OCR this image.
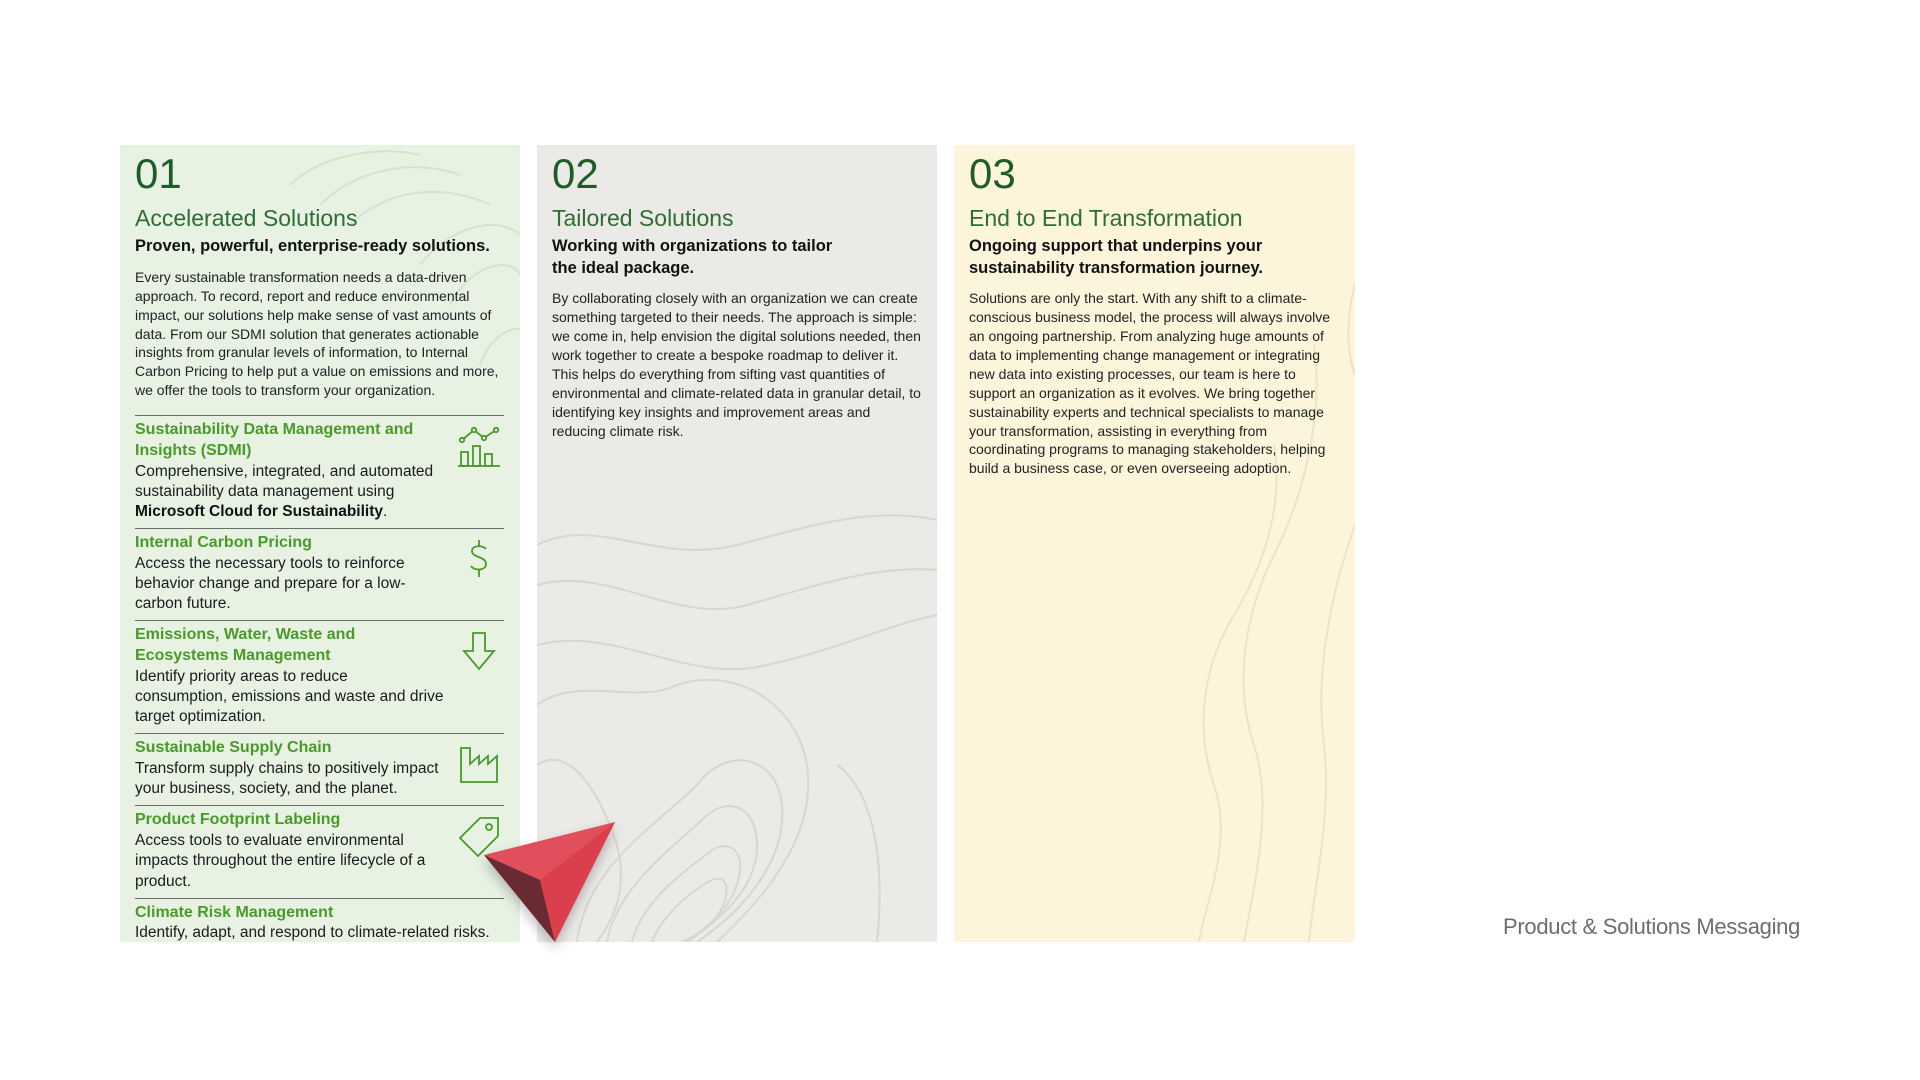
01
Accelerated Solutions

Proven, powerful, enterprise-ready solutions.

Every sustainable transformation needs a data-driven approach. To record, report and reduce environmental impact, our solutions help make sense of vast amounts of data. From our SDMI solution that generates actionable insights from granular levels of information, to Internal Carbon Pricing to help put a value on emissions and more, we offer the tools to transform your organization.

Sustainability Data Management and Insights (SDMI)
Comprehensive, integrated, and automated sustainability data management using Microsoft Cloud for Sustainability.
Internal Carbon Pricing
Access the necessary tools to reinforce behavior change and prepare for a low-carbon future.
Emissions, Water, Waste and Ecosystems Management
Identify priority areas to reduce consumption, emissions and waste and drive target optimization.
Sustainable Supply Chain
Transform supply chains to positively impact your business, society, and the planet.
Product Footprint Labeling
Access tools to evaluate environmental impacts throughout the entire lifecycle of a product.
Climate Risk Management
Identify, adapt, and respond to climate-related risks.
02
Tailored Solutions

Working with organizations to tailor the ideal package.

By collaborating closely with an organization we can create something targeted to their needs. The approach is simple: we come in, help envision the digital solutions needed, then work together to create a bespoke roadmap to deliver it. This helps do everything from sifting vast quantities of environmental and climate-related data in granular detail, to identifying key insights and improvement areas and reducing climate risk.

03
End to End Transformation

Ongoing support that underpins your sustainability transformation journey.

Solutions are only the start. With any shift to a climate-conscious business model, the process will always involve an ongoing partnership. From analyzing huge amounts of data to implementing change management or integrating new data into existing processes, our team is here to support an organization as it evolves. We bring together sustainability experts and technical specialists to manage your transformation, assisting in everything from coordinating programs to managing stakeholders, helping build a business case, or even overseeing adoption.

Product & Solutions Messaging
